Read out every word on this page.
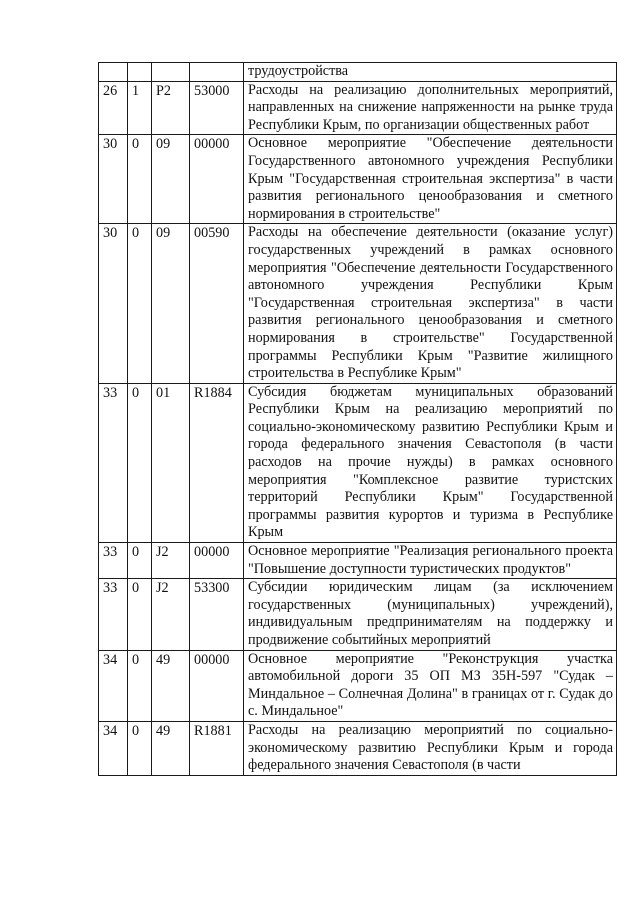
				трудоустройства
26	1	P2	53000	Расходы на реализацию дополнительных мероприятий, направленных на снижение напряженности на рынке труда Республики Крым, по организации общественных работ
30	0	09	00000	Основное мероприятие "Обеспечение деятельности Государственного автономного учреждения Республики Крым "Государственная строительная экспертиза" в части развития регионального ценообразования и сметного нормирования в строительстве"
30	0	09	00590	Расходы на обеспечение деятельности (оказание услуг) государственных учреждений в рамках основного мероприятия "Обеспечение деятельности Государственного автономного учреждения Республики Крым "Государственная строительная экспертиза" в части развития регионального ценообразования и сметного нормирования в строительстве" Государственной программы Республики Крым "Развитие жилищного строительства в Республике Крым"
33	0	01	R1884	Субсидия бюджетам муниципальных образований Республики Крым на реализацию мероприятий по социально-экономическому развитию Республики Крым и города федерального значения Севастополя (в части расходов на прочие нужды) в рамках основного мероприятия "Комплексное развитие туристских территорий Республики Крым" Государственной программы развития курортов и туризма в Республике Крым
33	0	J2	00000	Основное мероприятие "Реализация регионального проекта "Повышение доступности туристических продуктов"
33	0	J2	53300	Субсидии юридическим лицам (за исключением государственных (муниципальных) учреждений), индивидуальным предпринимателям на поддержку и продвижение событийных мероприятий
34	0	49	00000	Основное мероприятие "Реконструкция участка автомобильной дороги 35 ОП МЗ 35Н-597 "Судак – Миндальное – Солнечная Долина" в границах от г. Судак до с. Миндальное"
34	0	49	R1881	Расходы на реализацию мероприятий по социально-экономическому развитию Республики Крым и города федерального значения Севастополя (в части
